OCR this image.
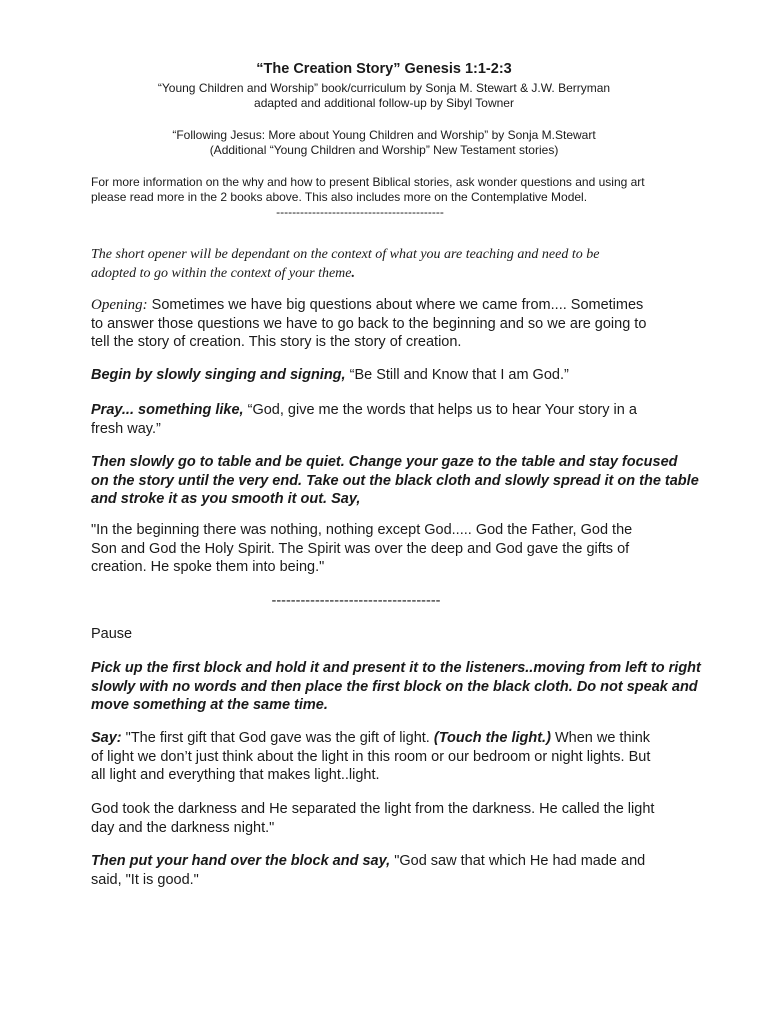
“The Creation Story” Genesis 1:1-2:3
“Young Children and Worship” book/curriculum by Sonja M. Stewart & J.W. Berryman
adapted and additional follow-up by Sibyl Towner
“Following Jesus: More about Young Children and Worship” by Sonja M.Stewart
(Additional “Young Children and Worship” New Testament stories)
For more information on the why and how to present Biblical stories, ask wonder questions and using art
please read more in the 2 books above. This also includes more on the Contemplative Model.
------------------------------------------
The short opener will be dependant on the context of what you are teaching and need to be
adopted to go within the context of your theme.
Opening: Sometimes we have big questions about where we came from.... Sometimes
to answer those questions we have to go back to the beginning and so we are going to
tell the story of creation. This story is the story of creation.
Begin by slowly singing and signing, “Be Still and Know that I am God.”
Pray... something like, “God, give me the words that helps us to hear Your story in a
fresh way.”
Then slowly go to table and be quiet. Change your gaze to the table and stay focused
on the story until the very end. Take out the black cloth and slowly spread it on the table
and stroke it as you smooth it out. Say,
"In the beginning there was nothing, nothing except God..... God the Father, God the
Son and God the Holy Spirit. The Spirit was over the deep and God gave the gifts of
creation. He spoke them into being."
-----------------------------------
Pause
Pick up the first block and hold it and present it to the listeners..moving from left to right
slowly with no words and then place the first block on the black cloth. Do not speak and
move something at the same time.
Say: "The first gift that God gave was the gift of light. (Touch the light.) When we think
of light we don’t just think about the light in this room or our bedroom or night lights. But
all light and everything that makes light..light.
God took the darkness and He separated the light from the darkness. He called the light
day and the darkness night."
Then put your hand over the block and say, "God saw that which He had made and
said, "It is good."
